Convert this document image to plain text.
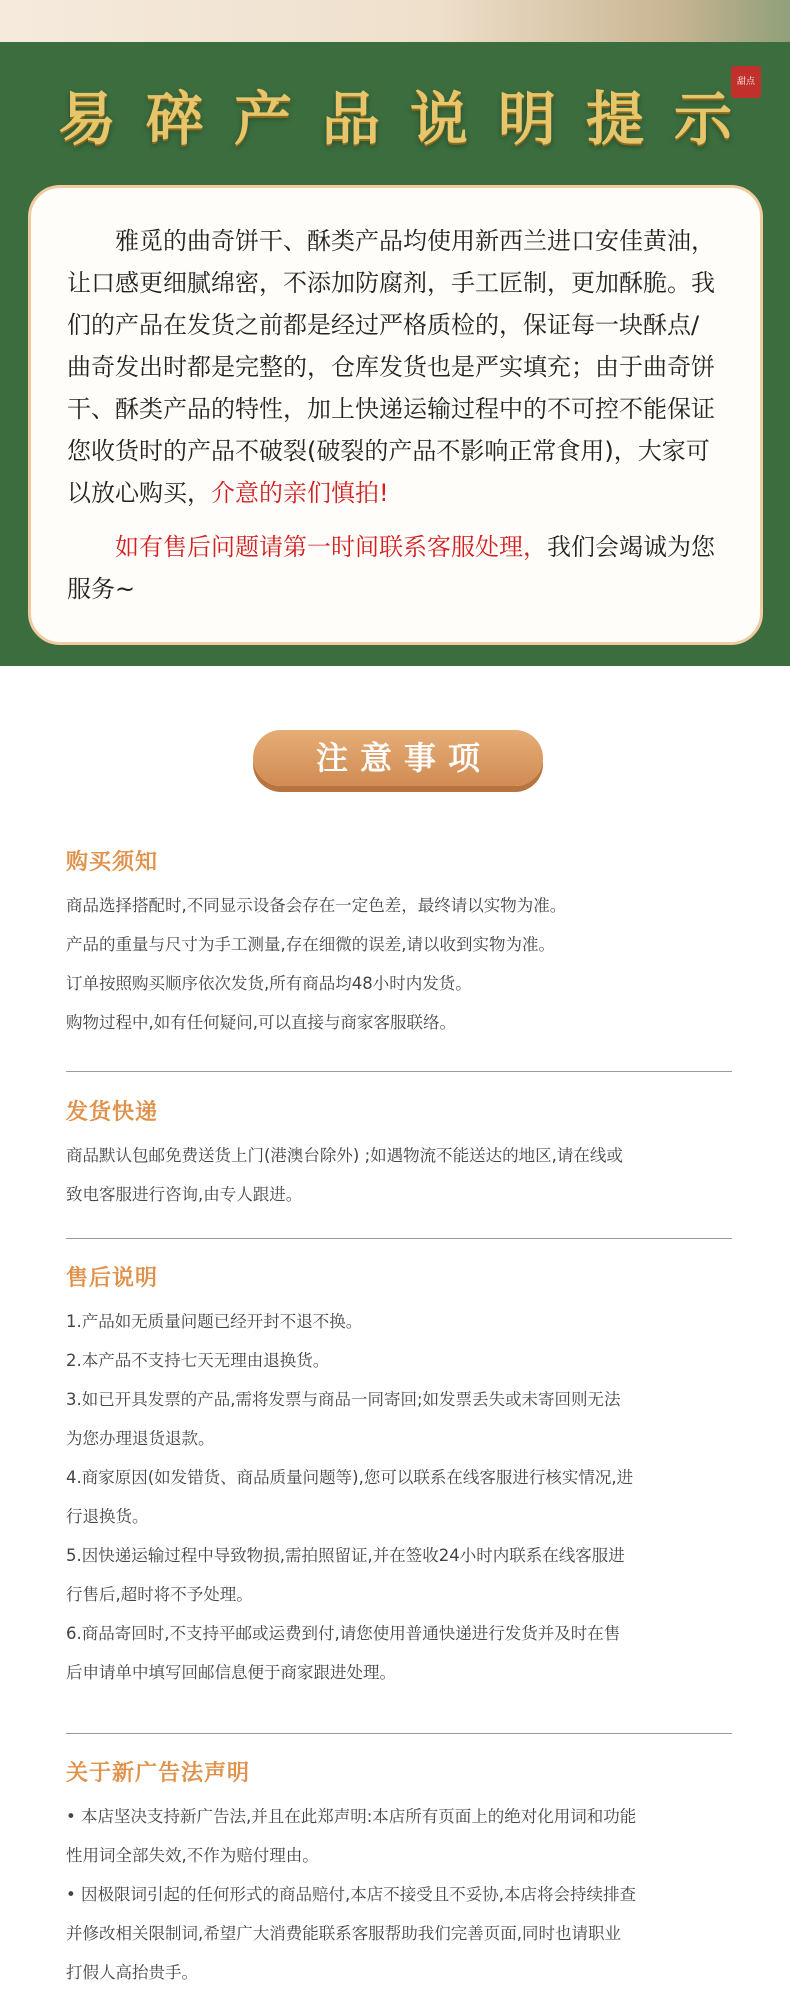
甜点
易碎产品说明提示

雅觅的曲奇饼干、酥类产品均使用新西兰进口安佳黄油，让口感更细腻绵密，不添加防腐剂，手工匠制，更加酥脆。我们的产品在发货之前都是经过严格质检的，保证每一块酥点/曲奇发出时都是完整的，仓库发货也是严实填充；由于曲奇饼干、酥类产品的特性，加上快递运输过程中的不可控不能保证您收货时的产品不破裂(破裂的产品不影响正常食用)，大家可以放心购买，介意的亲们慎拍!

如有售后问题请第一时间联系客服处理，我们会竭诚为您服务~

注意事项
购买须知
商品选择搭配时,不同显示设备会存在一定色差，最终请以实物为准。
产品的重量与尺寸为手工测量,存在细微的误差,请以收到实物为准。
订单按照购买顺序依次发货,所有商品均48小时内发货。
购物过程中,如有任何疑问,可以直接与商家客服联络。
发货快递
商品默认包邮免费送货上门(港澳台除外) ;如遇物流不能送达的地区,请在线或
致电客服进行咨询,由专人跟进。
售后说明
1.产品如无质量问题已经开封不退不换。
2.本产品不支持七天无理由退换货。
3.如已开具发票的产品,需将发票与商品一同寄回;如发票丢失或未寄回则无法
为您办理退货退款。
4.商家原因(如发错货、商品质量问题等),您可以联系在线客服进行核实情况,进
行退换货。
5.因快递运输过程中导致物损,需拍照留证,并在签收24小时内联系在线客服进
行售后,超时将不予处理。
6.商品寄回时,不支持平邮或运费到付,请您使用普通快递进行发货并及时在售
后申请单中填写回邮信息便于商家跟进处理。
关于新广告法声明
• 本店坚决支持新广告法,并且在此郑声明:本店所有页面上的绝对化用词和功能
性用词全部失效,不作为赔付理由。
• 因极限词引起的任何形式的商品赔付,本店不接受且不妥协,本店将会持续排查
并修改相关限制词,希望广大消费能联系客服帮助我们完善页面,同时也请职业
打假人高抬贵手。
